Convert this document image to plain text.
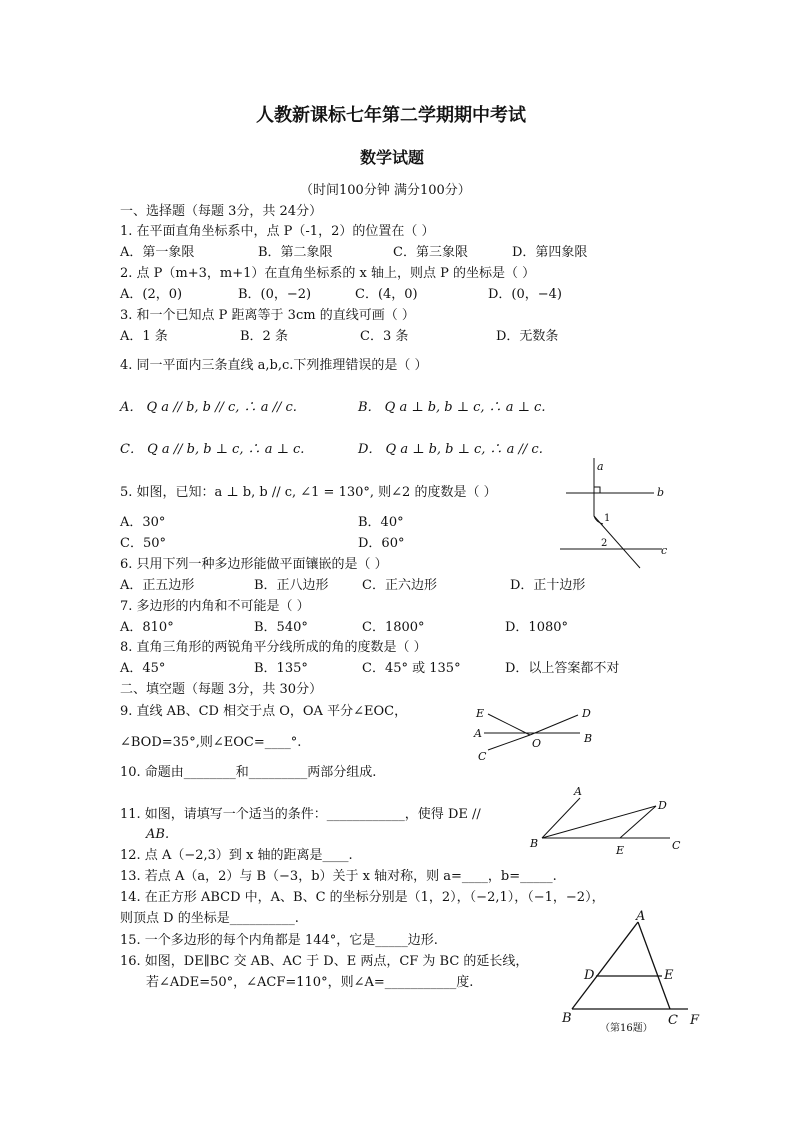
人教新课标七年第二学期期中考试
数学试题
（时间100分钟 满分100分）
一、选择题（每题 3分，共 24分）
1. 在平面直角坐标系中，点 P（-1，2）的位置在（ ）
A．第一象限	B．第二象限	C．第三象限	D．第四象限
2. 点 P（m+3，m+1）在直角坐标系的 x 轴上，则点 P 的坐标是（ ）
A．(2，0)	B．(0，−2)	C．(4，0)	D．(0，−4)
3. 和一个已知点 P 距离等于 3cm 的直线可画（ ）
A．1 条	B．2 条	C．3 条	D．无数条
4. 同一平面内三条直线 a,b,c.下列推理错误的是（ ）
A． Q a // b, b // c, ∴ a // c.	B． Q a ⊥ b, b ⊥ c, ∴ a ⊥ c.
C． Q a // b, b ⊥ c, ∴ a ⊥ c.	D． Q a ⊥ b, b ⊥ c, ∴ a // c.
5. 如图，已知：a ⊥ b, b // c, ∠1 = 130°, 则∠2 的度数是（ ）
A．30°	B．40°
C．50°	D．60°
a
b
c
1
2
6. 只用下列一种多边形能做平面镶嵌的是（ ）
A．正五边形	B．正八边形	C．正六边形	D．正十边形
7. 多边形的内角和不可能是（ ）
A．810°	B．540°	C．1800°	D．1080°
8. 直角三角形的两锐角平分线所成的角的度数是（ ）
A．45°	B．135°	C．45° 或 135°	D．以上答案都不对
二、填空题（每题 3分，共 30分）
9. 直线 AB、CD 相交于点 O，OA 平分∠EOC，
∠BOD=35°,则∠EOC=____°.
E	D
A	B
C
O
10. 命题由________和_________两部分组成.
11. 如图，请填写一个适当的条件：____________，使得 DE //
AB.
A
D
B
E	C
12. 点 A（−2,3）到 x 轴的距离是____.
13. 若点 A（a，2）与 B（−3，b）关于 x 轴对称，则 a=____，b=_____.
14. 在正方形 ABCD 中，A、B、C 的坐标分别是（1，2），（−2,1），（−1，−2），
则顶点 D 的坐标是__________.
15. 一个多边形的每个内角都是 144°，它是_____边形.
16. 如图，DE∥BC 交 AB、AC 于 D、E 两点，CF 为 BC 的延长线，
若∠ADE=50°，∠ACF=110°，则∠A=___________度.
A
D	E
B	C F
（第16题）
